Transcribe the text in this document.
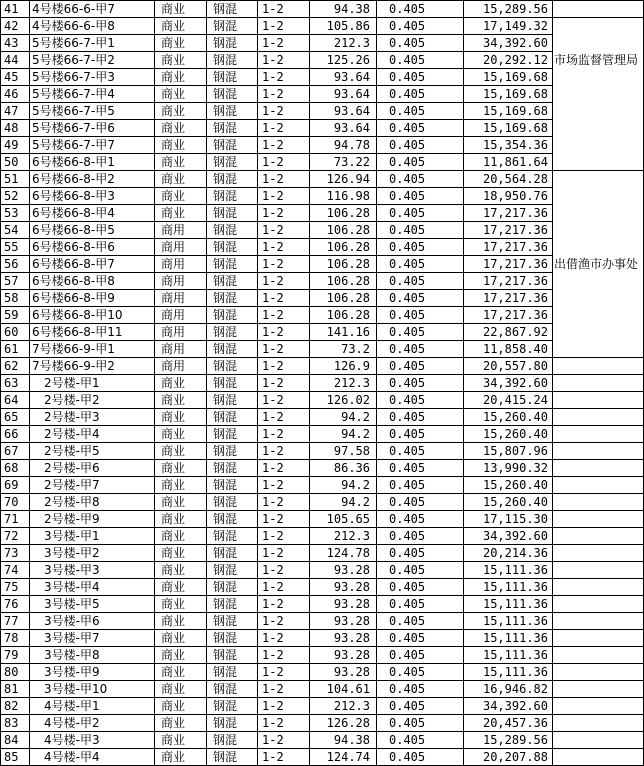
41	4号楼66-6-甲7	商业	钢混	1-2	94.38	0.405	15,289.56	
42	4号楼66-6-甲8	商业	钢混	1-2	105.86	0.405	17,149.32	
43	5号楼66-7-甲1	商业	钢混	1-2	212.3	0.405	34,392.60	
44	5号楼66-7-甲2	商业	钢混	1-2	125.26	0.405	20,292.12	市场监督管理局
45	5号楼66-7-甲3	商业	钢混	1-2	93.64	0.405	15,169.68	
46	5号楼66-7-甲4	商业	钢混	1-2	93.64	0.405	15,169.68	
47	5号楼66-7-甲5	商业	钢混	1-2	93.64	0.405	15,169.68	
48	5号楼66-7-甲6	商业	钢混	1-2	93.64	0.405	15,169.68	
49	5号楼66-7-甲7	商业	钢混	1-2	94.78	0.405	15,354.36	
50	6号楼66-8-甲1	商业	钢混	1-2	73.22	0.405	11,861.64	
51	6号楼66-8-甲2	商业	钢混	1-2	126.94	0.405	20,564.28	
52	6号楼66-8-甲3	商业	钢混	1-2	116.98	0.405	18,950.76	
53	6号楼66-8-甲4	商业	钢混	1-2	106.28	0.405	17,217.36	
54	6号楼66-8-甲5	商用	钢混	1-2	106.28	0.405	17,217.36	
55	6号楼66-8-甲6	商用	钢混	1-2	106.28	0.405	17,217.36	
56	6号楼66-8-甲7	商用	钢混	1-2	106.28	0.405	17,217.36	出借渔市办事处
57	6号楼66-8-甲8	商用	钢混	1-2	106.28	0.405	17,217.36	
58	6号楼66-8-甲9	商用	钢混	1-2	106.28	0.405	17,217.36	
59	6号楼66-8-甲10	商用	钢混	1-2	106.28	0.405	17,217.36	
60	6号楼66-8-甲11	商用	钢混	1-2	141.16	0.405	22,867.92	
61	7号楼66-9-甲1	商用	钢混	1-2	73.2	0.405	11,858.40	
62	7号楼66-9-甲2	商用	钢混	1-2	126.9	0.405	20,557.80	
63	2号楼-甲1	商业	钢混	1-2	212.3	0.405	34,392.60	
64	2号楼-甲2	商业	钢混	1-2	126.02	0.405	20,415.24	
65	2号楼-甲3	商业	钢混	1-2	94.2	0.405	15,260.40	
66	2号楼-甲4	商业	钢混	1-2	94.2	0.405	15,260.40	
67	2号楼-甲5	商业	钢混	1-2	97.58	0.405	15,807.96	
68	2号楼-甲6	商业	钢混	1-2	86.36	0.405	13,990.32	
69	2号楼-甲7	商业	钢混	1-2	94.2	0.405	15,260.40	
70	2号楼-甲8	商业	钢混	1-2	94.2	0.405	15,260.40	
71	2号楼-甲9	商业	钢混	1-2	105.65	0.405	17,115.30	
72	3号楼-甲1	商业	钢混	1-2	212.3	0.405	34,392.60	
73	3号楼-甲2	商业	钢混	1-2	124.78	0.405	20,214.36	
74	3号楼-甲3	商业	钢混	1-2	93.28	0.405	15,111.36	
75	3号楼-甲4	商业	钢混	1-2	93.28	0.405	15,111.36	
76	3号楼-甲5	商业	钢混	1-2	93.28	0.405	15,111.36	
77	3号楼-甲6	商业	钢混	1-2	93.28	0.405	15,111.36	
78	3号楼-甲7	商业	钢混	1-2	93.28	0.405	15,111.36	
79	3号楼-甲8	商业	钢混	1-2	93.28	0.405	15,111.36	
80	3号楼-甲9	商业	钢混	1-2	93.28	0.405	15,111.36	
81	3号楼-甲10	商业	钢混	1-2	104.61	0.405	16,946.82	
82	4号楼-甲1	商业	钢混	1-2	212.3	0.405	34,392.60	
83	4号楼-甲2	商业	钢混	1-2	126.28	0.405	20,457.36	
84	4号楼-甲3	商业	钢混	1-2	94.38	0.405	15,289.56	
85	4号楼-甲4	商业	钢混	1-2	124.74	0.405	20,207.88	
